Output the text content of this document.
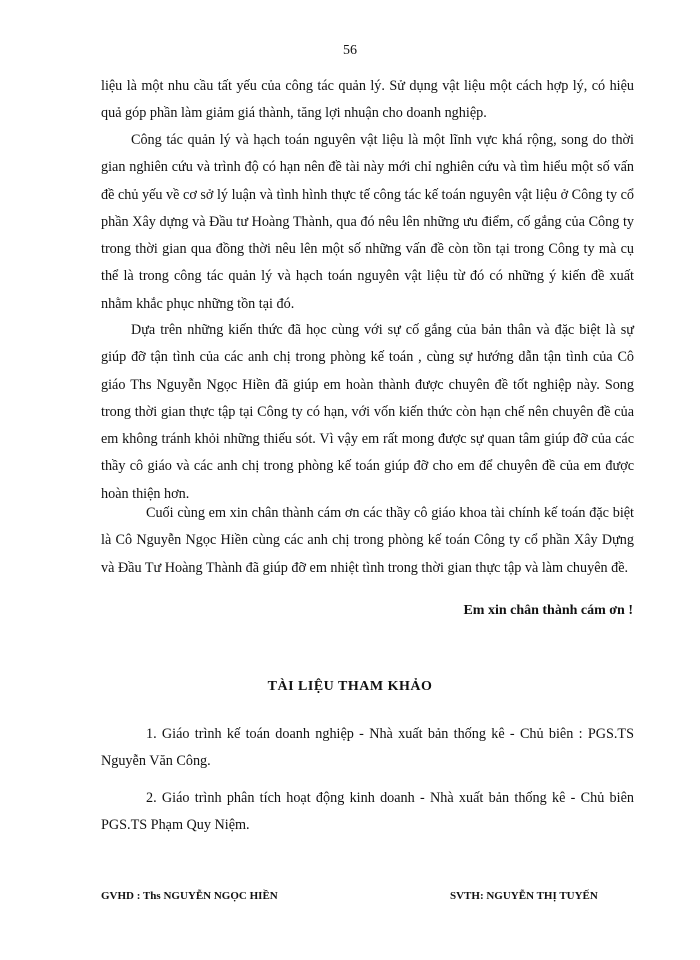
56

liệu là một nhu cầu tất yếu của công tác quản lý. Sử dụng vật liệu một cách hợp lý, có hiệu quả góp phần làm giảm giá thành, tăng lợi nhuận cho doanh nghiệp.

Công tác quản lý và hạch toán nguyên vật liệu là một lĩnh vực khá rộng, song do thời gian nghiên cứu và trình độ có hạn nên đề tài này mới chỉ nghiên cứu và tìm hiểu một số vấn đề chủ yếu về cơ sở lý luận và tình hình thực tế công tác kế toán nguyên vật liệu ở Công ty cổ phần Xây dựng và Đầu tư Hoàng Thành, qua đó nêu lên những ưu điểm, cố gắng của Công ty trong thời gian qua đồng thời nêu lên một số những vấn đề còn tồn tại trong Công ty mà cụ thể là trong công tác quản lý và hạch toán nguyên vật liệu từ đó có những ý kiến đề xuất nhằm khắc phục những tồn tại đó.

Dựa trên những kiến thức đã học cùng với sự cố gắng của bản thân và đặc biệt là sự giúp đỡ tận tình của các anh chị trong phòng kế toán , cùng sự hướng dẫn tận tình của Cô giáo Ths Nguyễn Ngọc Hiền đã giúp em hoàn thành được chuyên đề tốt nghiệp này. Song trong thời gian thực tập tại Công ty có hạn, với vốn kiến thức còn hạn chế nên chuyên đề của em không tránh khỏi những thiếu sót. Vì vậy em rất mong được sự quan tâm giúp đỡ của các thầy cô giáo và các anh chị trong phòng kế toán giúp đỡ cho em để chuyên đề của em được hoàn thiện hơn.

Cuối cùng em xin chân thành cám ơn các thầy cô giáo khoa tài chính kế toán đặc biệt là Cô Nguyễn Ngọc Hiền cùng các anh chị trong phòng kế toán Công ty cổ phần Xây Dựng và Đầu Tư Hoàng Thành đã giúp đỡ em nhiệt tình trong thời gian thực tập và làm chuyên đề.

Em xin chân thành cám ơn !
TÀI LIỆU THAM KHẢO

1. Giáo trình kế toán doanh nghiệp - Nhà xuất bản thống kê - Chủ biên : PGS.TS Nguyễn Văn Công.

2. Giáo trình phân tích hoạt động kinh doanh - Nhà xuất bản thống kê - Chủ biên PGS.TS Phạm Quy Niệm.

GVHD : Ths NGUYỄN NGỌC HIỀN	SVTH: NGUYỄN THỊ TUYẾN
